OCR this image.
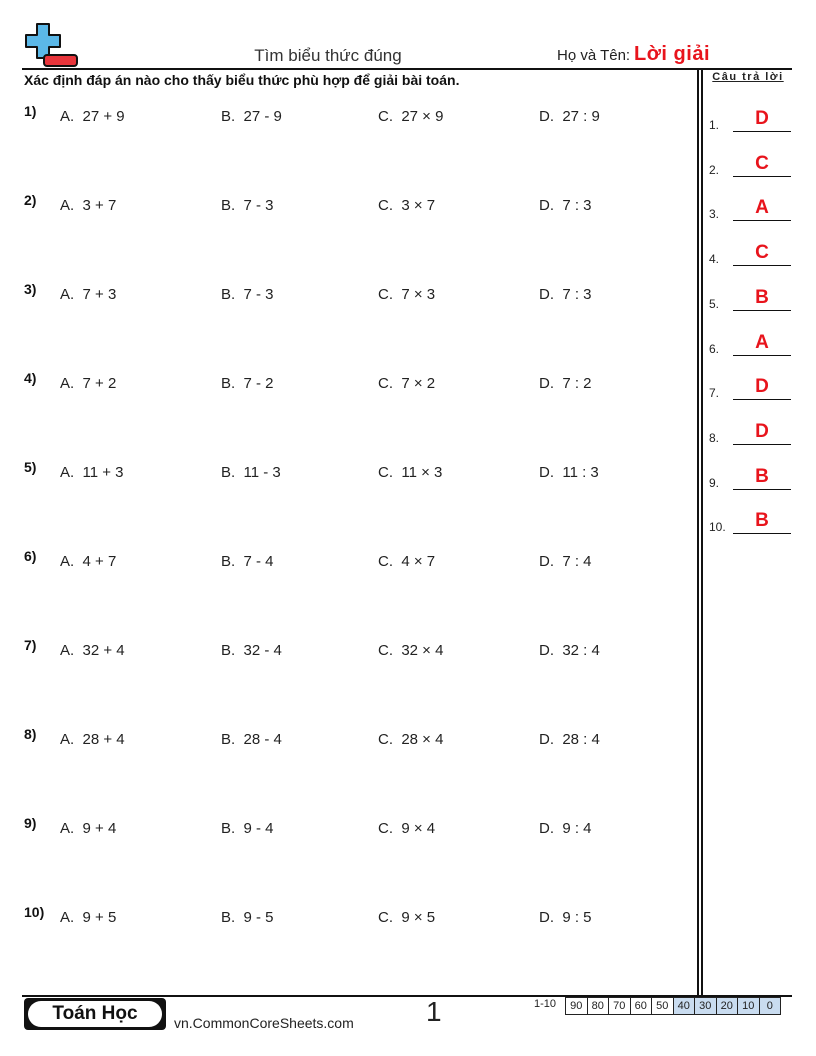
Tìm biểu thức đúng	Họ và Tên: Lời giải
Xác định đáp án nào cho thấy biểu thức phù hợp để giải bài toán.	Câu trả lời
1) A.  27 + 9	B.  27 - 9	C.  27 × 9	D.  27 : 9
2) A.  3 + 7	B.  7 - 3	C.  3 × 7	D.  7 : 3
3) A.  7 + 3	B.  7 - 3	C.  7 × 3	D.  7 : 3
4) A.  7 + 2	B.  7 - 2	C.  7 × 2	D.  7 : 2
5) A.  11 + 3	B.  11 - 3	C.  11 × 3	D.  11 : 3
6) A.  4 + 7	B.  7 - 4	C.  4 × 7	D.  7 : 4
7) A.  32 + 4	B.  32 - 4	C.  32 × 4	D.  32 : 4
8) A.  28 + 4	B.  28 - 4	C.  28 × 4	D.  28 : 4
9) A.  9 + 4	B.  9 - 4	C.  9 × 4	D.  9 : 4
10) A.  9 + 5	B.  9 - 5	C.  9 × 5	D.  9 : 5
1.	D
2.	C
3.	A
4.	C
5.	B
6.	A
7.	D
8.	D
9.	B
10.	B
Toán Học	vn.CommonCoreSheets.com	1	1-10	90 80 70 60 50 40 30 20 10	0
